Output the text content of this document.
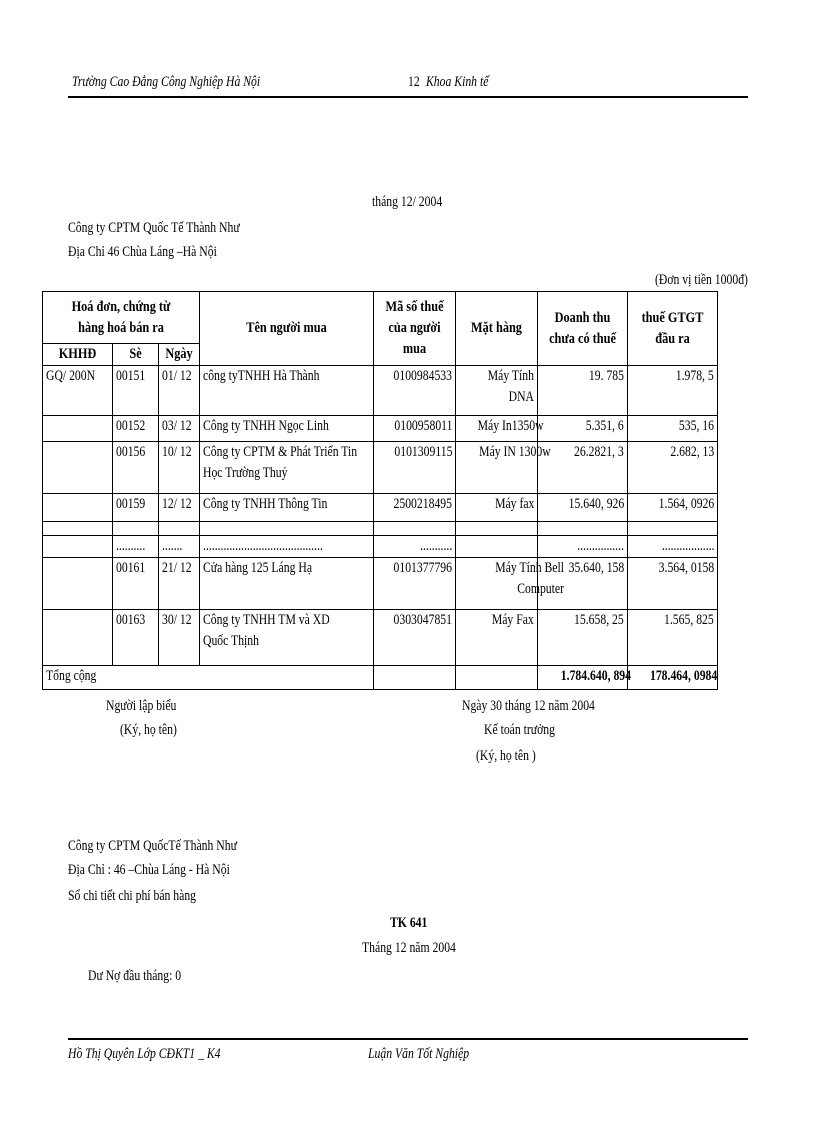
Trường Cao Đẳng Công Nghiệp Hà Nội	12 Khoa Kinh tế
tháng 12/ 2004
Công ty CPTM Quốc Tế Thành Như
Địa Chỉ 46 Chùa Láng –Hà Nội
(Đơn vị tiền 1000đ)
Hoá đơn, chứng từ hàng hoá bán ra			Tên người mua	Mã số thuế của người mua	Mặt hàng	Doanh thu chưa có thuế	thuế GTGT đầu ra

KHHĐ	Sè	Ngày					

GQ/ 200N	00151	01/ 12	công tyTNHH Hà Thành	0100984533	Máy Tính DNA	19. 785	1.978, 5
	00152	03/ 12	Công ty TNHH Ngọc Linh	0100958011	Máy In1350w	5.351, 6	535, 16
	00156	10/ 12	Công ty CPTM & Phát Triển Tin Học Trường Thuỷ	0101309115	Máy IN 1300w	26.2821, 3	2.682, 13
	00159	12/ 12	Công ty TNHH Thông Tin	2500218495	Máy fax	15.640, 926	1.564, 0926

	..........	.......	.........................................	...........		................	..................
	00161	21/ 12	Cửa hàng 125 Láng Hạ	0101377796	Máy Tính Bell Computer	35.640, 158	3.564, 0158
	00163	30/ 12	Công ty TNHH TM và XD Quốc Thịnh	0303047851	Máy Fax	15.658, 25	1.565, 825
Tổng cộng						1.784.640, 894	178.464, 0984
Người lập biểu
(Ký, họ tên)
Ngày 30 tháng 12 năm 2004
Kế toán trưởng
(Ký, họ tên )
Công ty CPTM QuốcTế Thành Như
Địa Chỉ : 46 –Chùa Láng - Hà Nội
Sổ chi tiết chi phí bán hàng
TK 641
Tháng 12 năm 2004
Dư Nợ đầu tháng: 0
Hồ Thị Quyên Lớp CĐKT1 _ K4	Luận Văn Tốt Nghiệp
